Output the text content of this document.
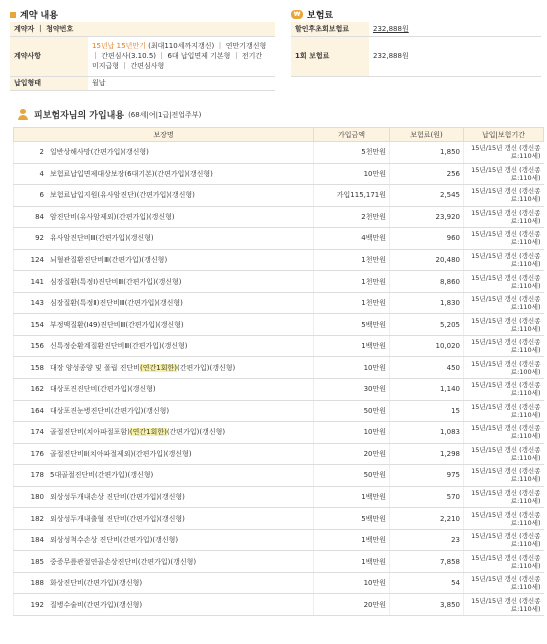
계약 내용
계약자 ｜ 청약번호	
계약사항	15년납 15년만기 (최대110세까지갱신) ｜ 연만기갱신형 ｜ 간편심사(3.10.5) ｜ 6대 납입면제 기본형 ｜ 전기간 미지급형 ｜ 간편심사형
납입형태	월납
₩ 보험료
할인후초회보험료	232,888원
1회 보험료	232,888원
피보험자님의 가입내용 (68세|여|1급|전업주부)
보장명	가입금액	보험료(원)	납입|보험기간
2 일반상해사망(간편가입)(갱신형)	5천만원	1,850	15년/15년 갱신 (갱신종료:110세)
4 보험료납입면제대상보장(6대기본)(간편가입)(갱신형)	10만원	256	15년/15년 갱신 (갱신종료:110세)
6 보험료납입지원(유사암진단)(간편가입)(갱신형)	가입115,171원	2,545	15년/15년 갱신 (갱신종료:110세)
84 암진단비(유사암제외)(간편가입)(갱신형)	2천만원	23,920	15년/15년 갱신 (갱신종료:110세)
92 유사암진단비Ⅲ(간편가입)(갱신형)	4백만원	960	15년/15년 갱신 (갱신종료:110세)
124 뇌혈관질환진단비Ⅲ(간편가입)(갱신형)	1천만원	20,480	15년/15년 갱신 (갱신종료:110세)
141 심장질환(특정Ⅰ)진단비Ⅲ(간편가입)(갱신형)	1천만원	8,860	15년/15년 갱신 (갱신종료:110세)
143 심장질환(특정Ⅱ)진단비Ⅲ(간편가입)(갱신형)	1천만원	1,830	15년/15년 갱신 (갱신종료:110세)
154 부정맥질환(Ⅰ49)진단비Ⅲ(간편가입)(갱신형)	5백만원	5,205	15년/15년 갱신 (갱신종료:110세)
156 신특정순환계질환진단비Ⅲ(간편가입)(갱신형)	1백만원	10,020	15년/15년 갱신 (갱신종료:110세)
158 대장 양성종양 및 폴립 진단비(연간1회한)(간편가입)(갱신형)	10만원	450	15년/15년 갱신 (갱신종료:100세)
162 대상포진진단비(간편가입)(갱신형)	30만원	1,140	15년/15년 갱신 (갱신종료:110세)
164 대상포진눈병진단비(간편가입)(갱신형)	50만원	15	15년/15년 갱신 (갱신종료:110세)
174 골절진단비(치아파절포함)(연간1회한)(간편가입)(갱신형)	10만원	1,083	15년/15년 갱신 (갱신종료:110세)
176 골절진단비Ⅱ(치아파절제외)(간편가입)(갱신형)	20만원	1,298	15년/15년 갱신 (갱신종료:110세)
178 5대골절진단비(간편가입)(갱신형)	50만원	975	15년/15년 갱신 (갱신종료:110세)
180 외상성두개내손상 진단비(간편가입)(갱신형)	1백만원	570	15년/15년 갱신 (갱신종료:110세)
182 외상성두개내출혈 진단비(간편가입)(갱신형)	5백만원	2,210	15년/15년 갱신 (갱신종료:110세)
184 외상성척수손상 진단비(간편가입)(갱신형)	1백만원	23	15년/15년 갱신 (갱신종료:110세)
185 중증무릎관절연골손상진단비(간편가입)(갱신형)	1백만원	7,858	15년/15년 갱신 (갱신종료:110세)
188 화상진단비(간편가입)(갱신형)	10만원	54	15년/15년 갱신 (갱신종료:110세)
192 질병수술비(간편가입)(갱신형)	20만원	3,850	15년/15년 갱신 (갱신종료:110세)
